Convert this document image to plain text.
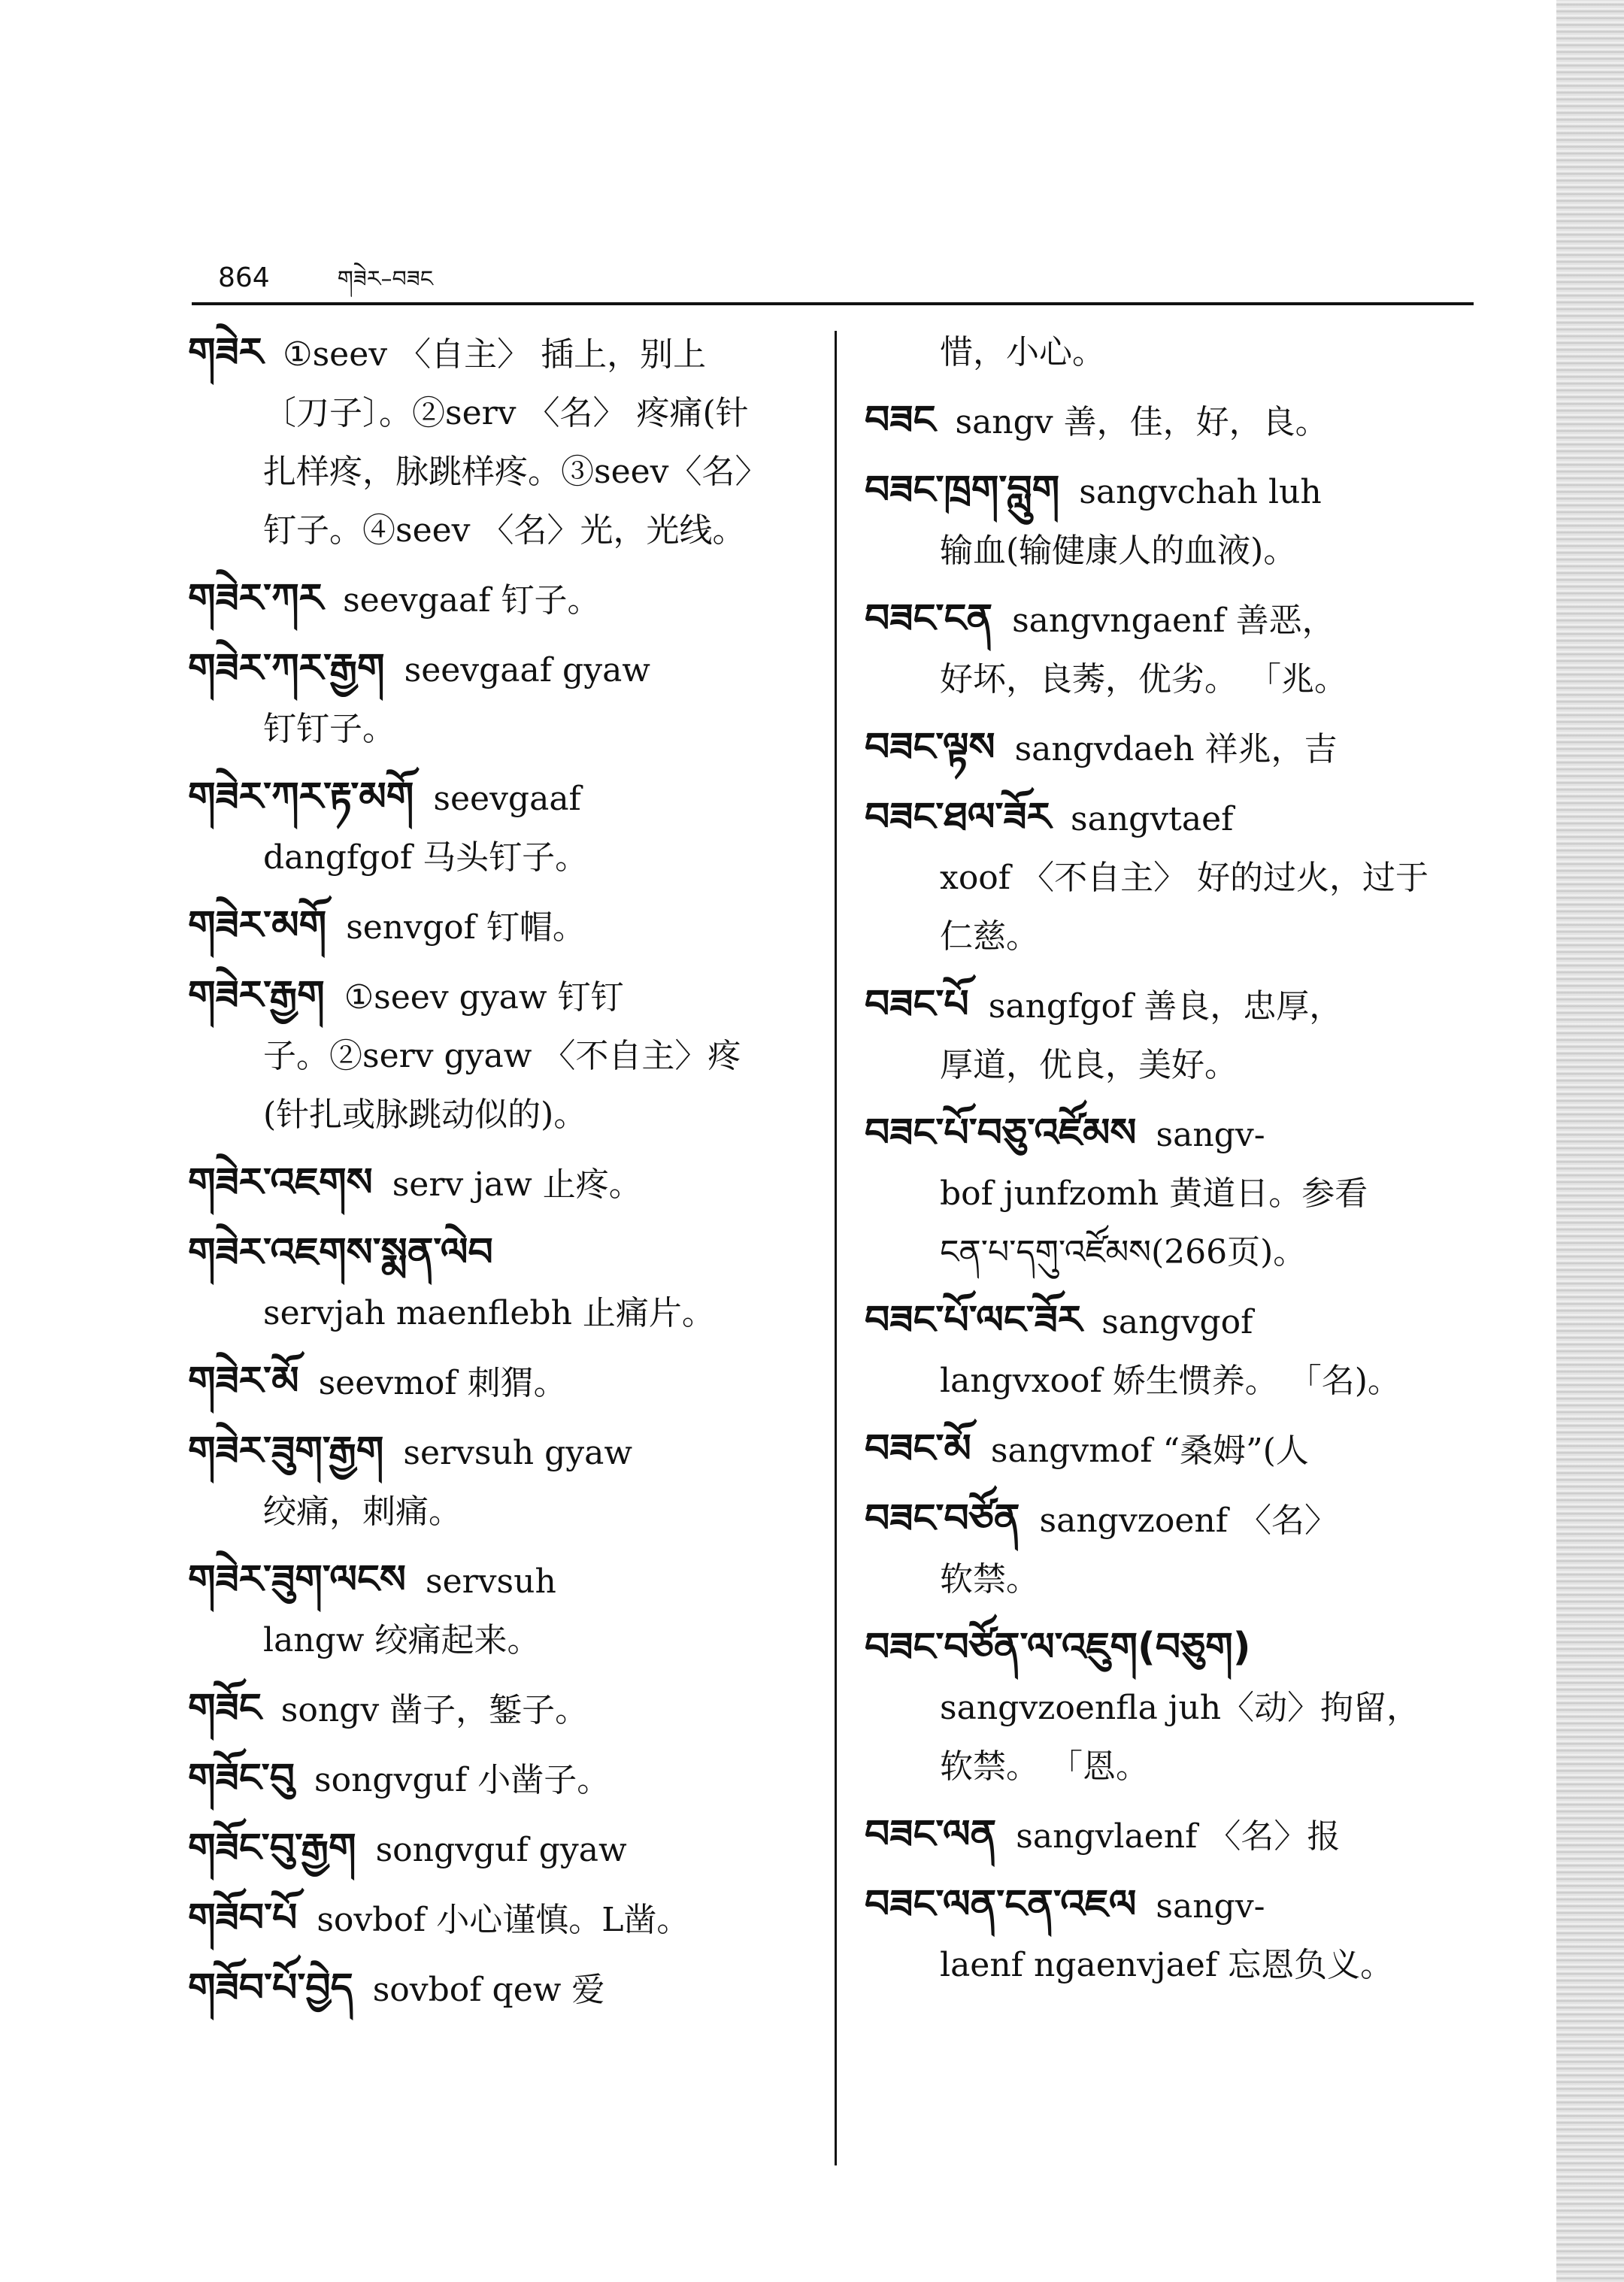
864	གཟེར–བཟང
གཟེར ①seev 〈自主〉 插上，别上
〔刀子〕。②serv 〈名〉 疼痛(针
扎样疼，脉跳样疼。③seev〈名〉
钉子。④seev 〈名〉光，光线。
གཟེར་ཀར seevgaaf 钉子。
གཟེར་ཀར་རྒྱག seevgaaf gyaw
钉钉子。
གཟེར་ཀར་རྟ་མགོ seevgaaf
dangfgof 马头钉子。
གཟེར་མགོ senvgof 钉帽。
གཟེར་རྒྱག ①seev gyaw 钉钉
子。②serv gyaw 〈不自主〉疼
(针扎或脉跳动似的)。
གཟེར་འཇགས serv jaw 止疼。
གཟེར་འཇགས་སྨན་ལེབ
servjah maenflebh 止痛片。
གཟེར་མོ seevmof 刺猬。
གཟེར་ཟུག་རྒྱག servsuh gyaw
绞痛，刺痛。
གཟེར་ཟུག་ལངས servsuh
langw 绞痛起来。
གཟོང songv 凿子，錾子。
གཟོང་བུ songvguf 小凿子。
གཟོང་བུ་རྒྱག songvguf gyaw
གཟོབ་པོ sovbof 小心谨慎。L凿。
གཟོབ་པོ་བྱེད sovbof qew 爱
惜，小心。
བཟང sangv 善，佳，好，良。
བཟང་ཁྲག་བླུག sangvchah luh
输血(输健康人的血液)。
བཟང་ངན sangvngaenf 善恶，
好坏，良莠，优劣。 「兆。
བཟང་ལྟས sangvdaeh 祥兆，吉
བཟང་ཐལ་ཟོར sangvtaef
xoof 〈不自主〉 好的过火，过于
仁慈。
བཟང་པོ sangfgof 善良，忠厚，
厚道，优良，美好。
བཟང་པོ་བཅུ་འཛོམས sangv-
bof junfzomh 黄道日。参看
ངན་པ་དགུ་འཛོམས(266页)。
བཟང་པོ་ལང་ཟོར sangvgof
langvxoof 娇生惯养。 「名)。
བཟང་མོ sangvmof “桑姆”(人
བཟང་བཙོན sangvzoenf 〈名〉
软禁。
བཟང་བཙོན་ལ་འཇུག(བཅུག)
sangvzoenfla juh〈动〉拘留，
软禁。 「恩。
བཟང་ལན sangvlaenf 〈名〉报
བཟང་ལན་ངན་འཇལ sangv-
laenf ngaenvjaef 忘恩负义。
